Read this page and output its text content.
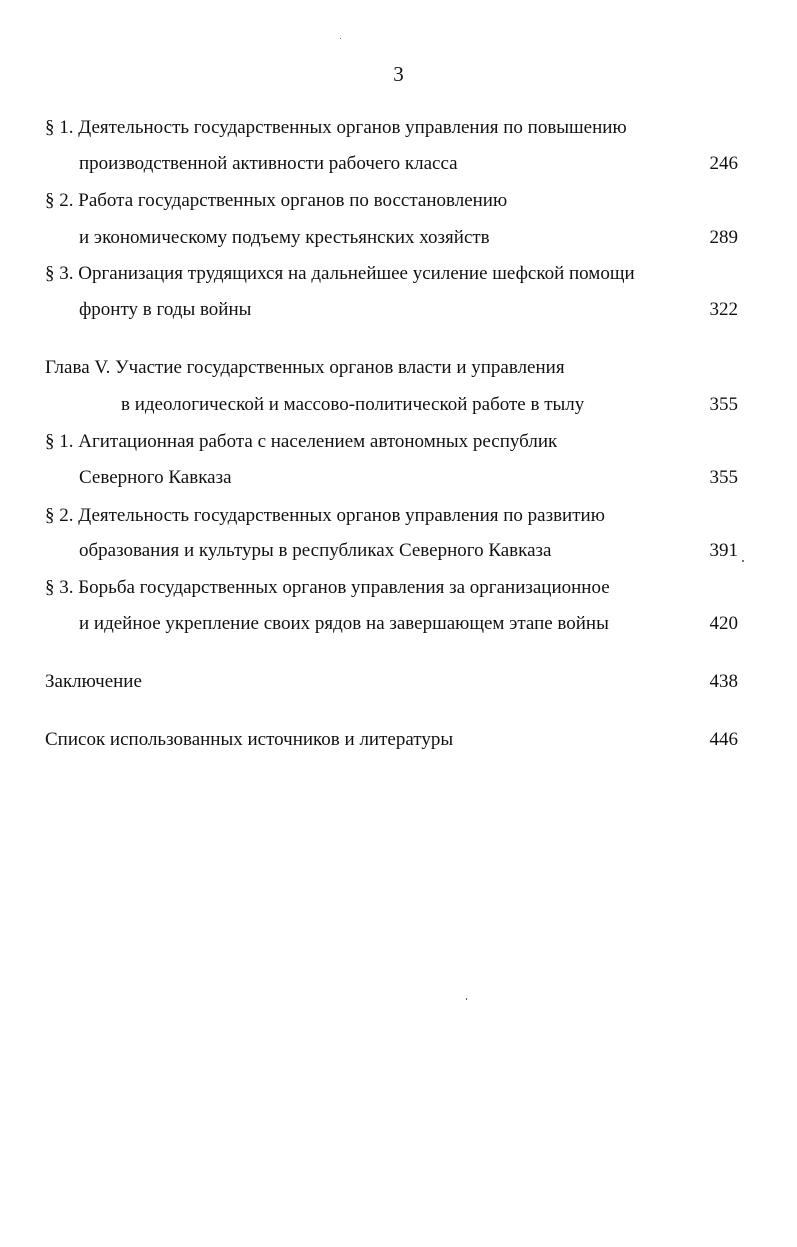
3
§ 1. Деятельность государственных органов управления по повышению
производственной активности рабочего класса	246
§ 2. Работа государственных органов по восстановлению
и экономическому подъему крестьянских хозяйств	289
§ 3. Организация трудящихся на дальнейшее усиление шефской помощи
фронту в годы войны	322
Глава V. Участие государственных органов власти и управления
в идеологической и массово-политической работе в тылу	355
§ 1. Агитационная работа с населением автономных республик
Северного Кавказа	355
§ 2. Деятельность государственных органов управления по развитию
образования и культуры в республиках Северного Кавказа	391
§ 3. Борьба государственных органов управления за организационное
и идейное укрепление своих рядов на завершающем этапе войны	420
Заключение	438
Список использованных источников и литературы	446
